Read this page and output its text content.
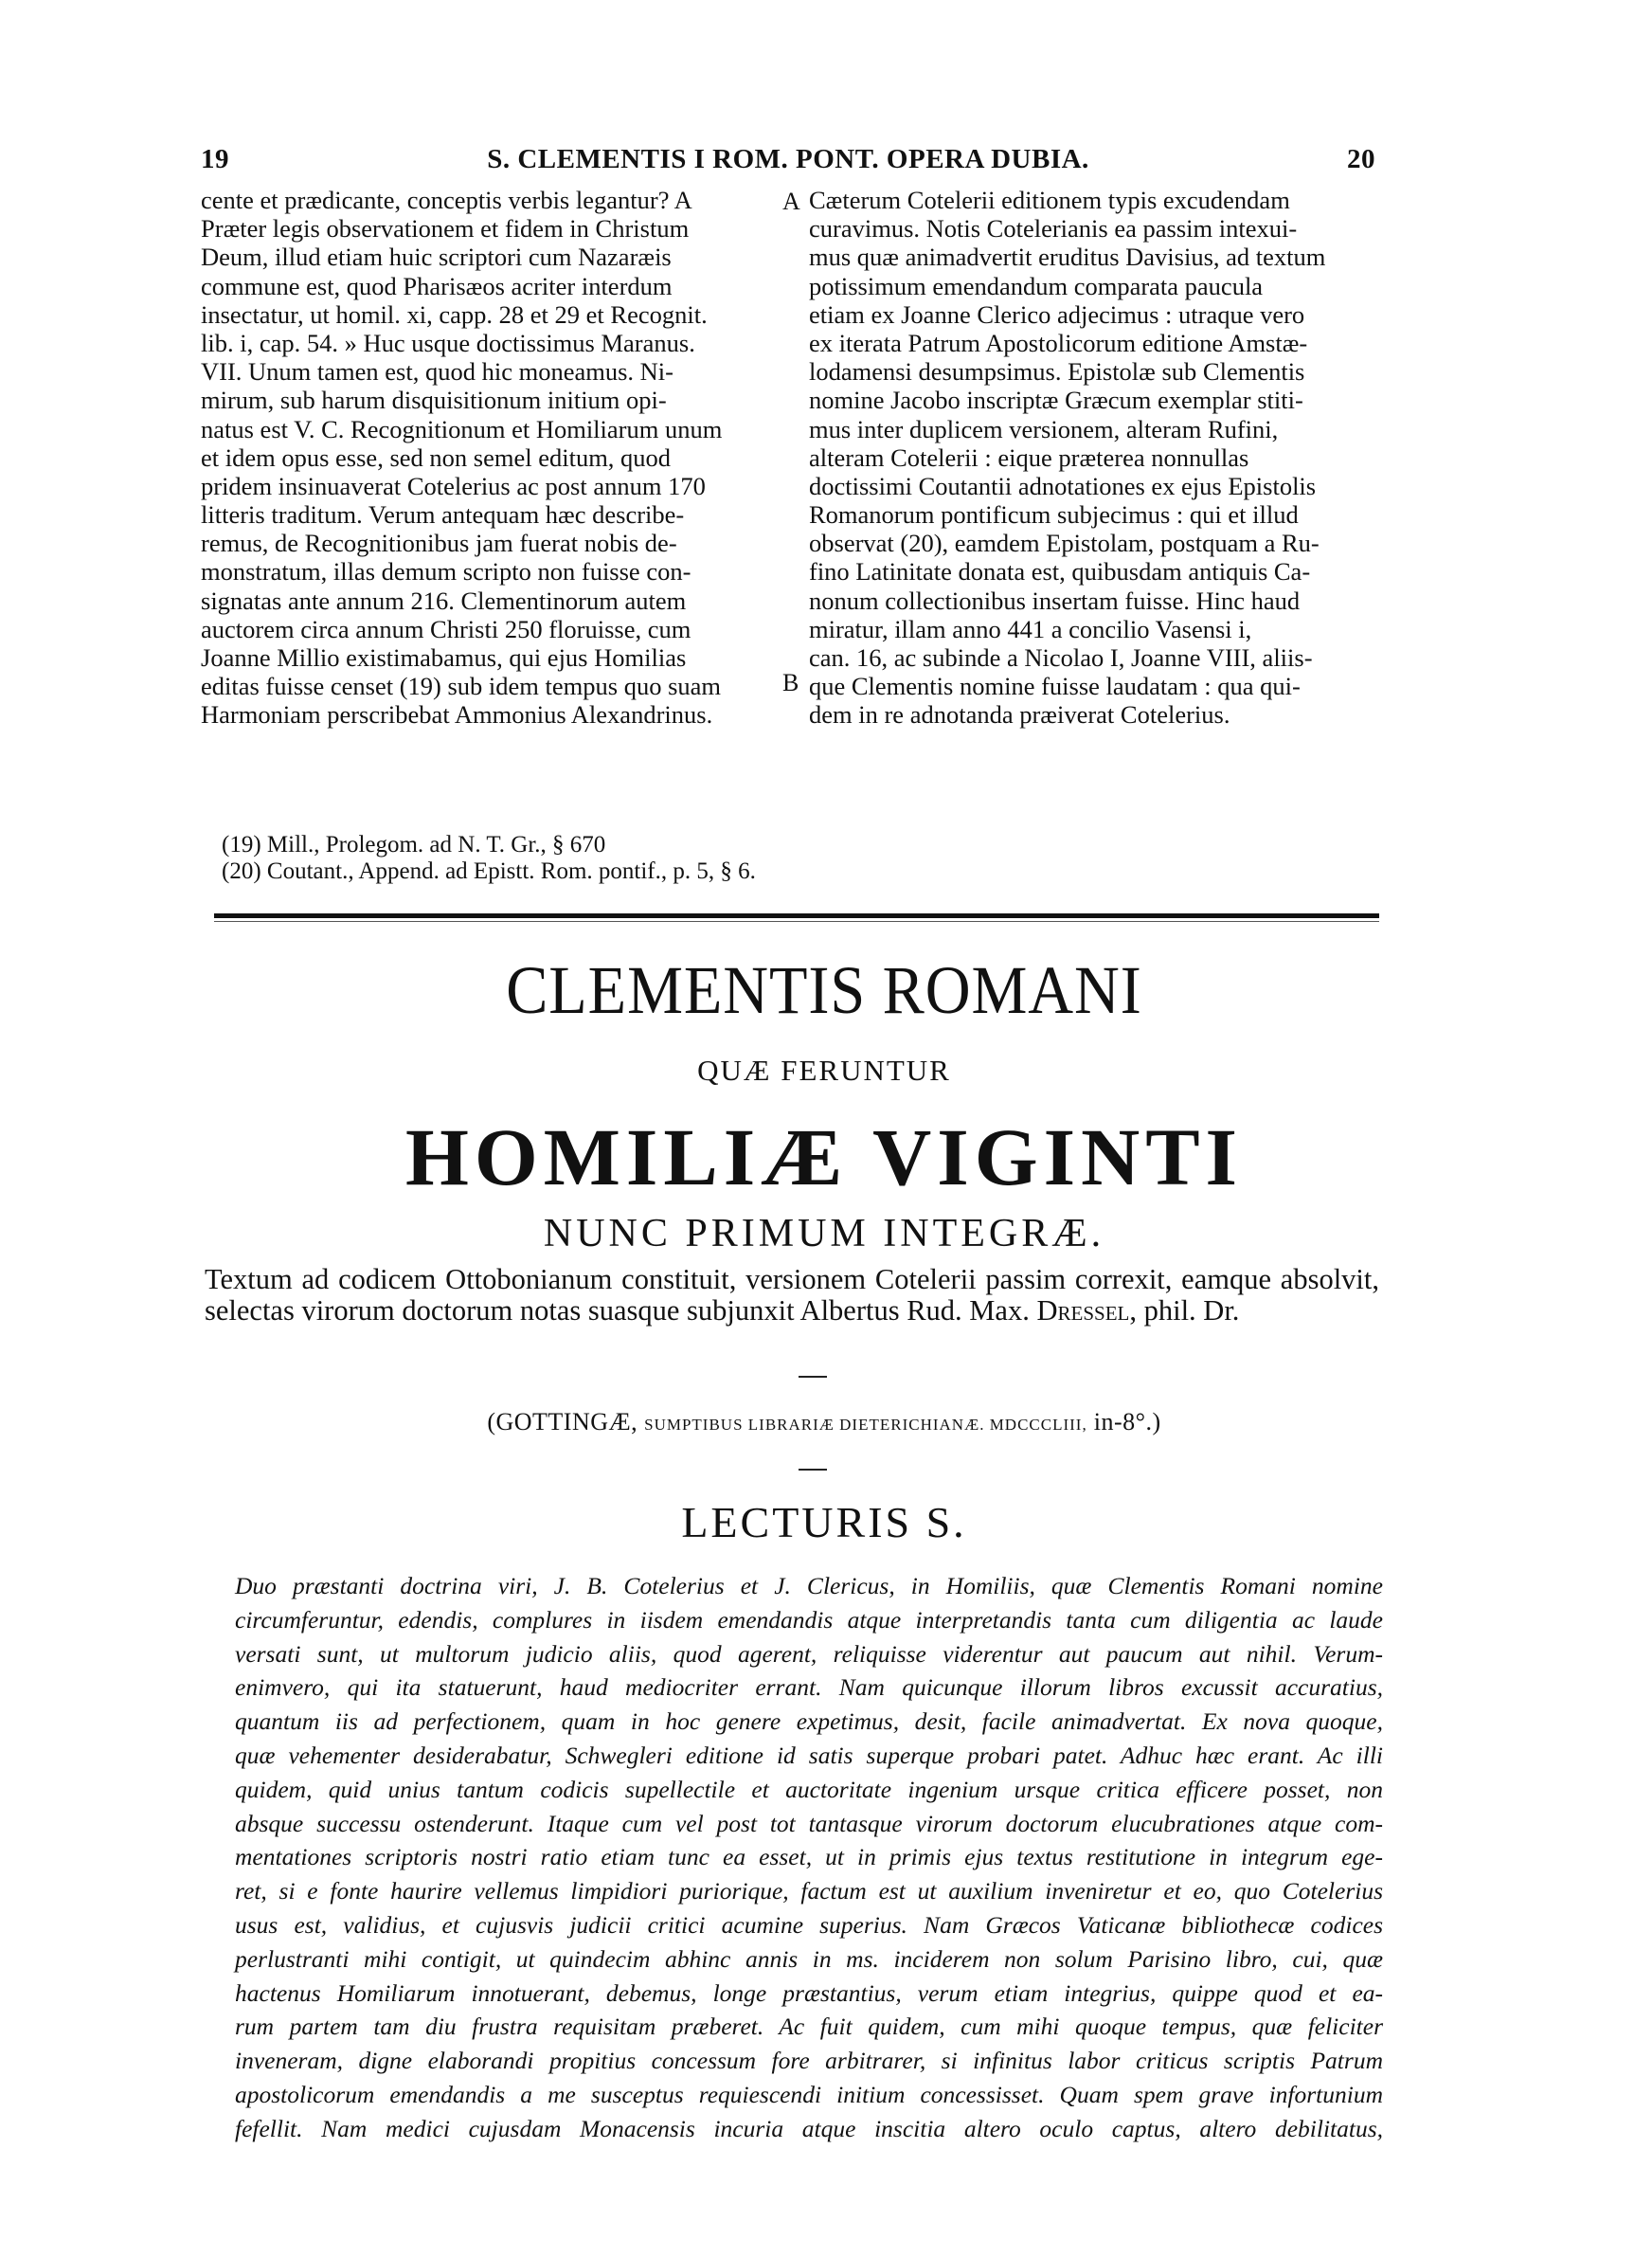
19	S. CLEMENTIS I ROM. PONT. OPERA DUBIA.	20
cente et prædicante, conceptis verbis legantur? A
Præter legis observationem et fidem in Christum
Deum, illud etiam huic scriptori cum Nazaræis
commune est, quod Pharisæos acriter interdum
insectatur, ut homil. xi, capp. 28 et 29 et Recognit.
lib. i, cap. 54. » Huc usque doctissimus Maranus.
VII. Unum tamen est, quod hic moneamus. Ni-
mirum, sub harum disquisitionum initium opi-
natus est V. C. Recognitionum et Homiliarum unum
et idem opus esse, sed non semel editum, quod
pridem insinuaverat Cotelerius ac post annum 170
litteris traditum. Verum antequam hæc describe-
remus, de Recognitionibus jam fuerat nobis de-
monstratum, illas demum scripto non fuisse con-
signatas ante annum 216. Clementinorum autem
auctorem circa annum Christi 250 floruisse, cum
Joanne Millio existimabamus, qui ejus Homilias
editas fuisse censet (19) sub idem tempus quo suam
Harmoniam perscribebat Ammonius Alexandrinus.
Cæterum Cotelerii editionem typis excudendam
curavimus. Notis Cotelerianis ea passim intexui-
mus quæ animadvertit eruditus Davisius, ad textum
potissimum emendandum comparata paucula
etiam ex Joanne Clerico adjecimus : utraque vero
ex iterata Patrum Apostolicorum editione Amstæ-
lodamensi desumpsimus. Epistolæ sub Clementis
nomine Jacobo inscriptæ Græcum exemplar stiti-
mus inter duplicem versionem, alteram Rufini,
alteram Cotelerii : eique præterea nonnullas
doctissimi Coutantii adnotationes ex ejus Epistolis
Romanorum pontificum subjecimus : qui et illud
observat (20), eamdem Epistolam, postquam a Ru-
fino Latinitate donata est, quibusdam antiquis Ca-
nonum collectionibus insertam fuisse. Hinc haud
miratur, illam anno 441 a concilio Vasensi i,
can. 16, ac subinde a Nicolao I, Joanne VIII, aliis-
que Clementis nomine fuisse laudatam : qua qui-
dem in re adnotanda præiverat Cotelerius.
A
B
(19) Mill., Prolegom. ad N. T. Gr., § 670
(20) Coutant., Append. ad Epistt. Rom. pontif., p. 5, § 6.
CLEMENTIS ROMANI
QUÆ FERUNTUR
HOMILIÆ VIGINTI
NUNC PRIMUM INTEGRÆ.
Textum ad codicem Ottobonianum constituit, versionem Cotelerii passim correxit, eamque absolvit, selectas virorum doctorum notas suasque subjunxit Albertus Rud. Max. Dressel, phil. Dr.
(GOTTINGÆ, SUMPTIBUS LIBRARIÆ DIETERICHIANÆ. MDCCCLIII, in-8°.)
LECTURIS S.
Duo præstanti doctrina viri, J. B. Cotelerius et J. Clericus, in Homiliis, quæ Clementis Romani nomine
circumferuntur, edendis, complures in iisdem emendandis atque interpretandis tanta cum diligentia ac laude
versati sunt, ut multorum judicio aliis, quod agerent, reliquisse viderentur aut paucum aut nihil. Verum-
enimvero, qui ita statuerunt, haud mediocriter errant. Nam quicunque illorum libros excussit accuratius,
quantum iis ad perfectionem, quam in hoc genere expetimus, desit, facile animadvertat. Ex nova quoque,
quæ vehementer desiderabatur, Schwegleri editione id satis superque probari patet. Adhuc hæc erant. Ac illi
quidem, quid unius tantum codicis supellectile et auctoritate ingenium ursque critica efficere posset, non
absque successu ostenderunt. Itaque cum vel post tot tantasque virorum doctorum elucubrationes atque com-
mentationes scriptoris nostri ratio etiam tunc ea esset, ut in primis ejus textus restitutione in integrum ege-
ret, si e fonte haurire vellemus limpidiori puriorique, factum est ut auxilium inveniretur et eo, quo Cotelerius
usus est, validius, et cujusvis judicii critici acumine superius. Nam Græcos Vaticanæ bibliothecæ codices
perlustranti mihi contigit, ut quindecim abhinc annis in ms. inciderem non solum Parisino libro, cui, quæ
hactenus Homiliarum innotuerant, debemus, longe præstantius, verum etiam integrius, quippe quod et ea-
rum partem tam diu frustra requisitam præberet. Ac fuit quidem, cum mihi quoque tempus, quæ feliciter
inveneram, digne elaborandi propitius concessum fore arbitrarer, si infinitus labor criticus scriptis Patrum
apostolicorum emendandis a me susceptus requiescendi initium concessisset. Quam spem grave infortunium
fefellit. Nam medici cujusdam Monacensis incuria atque inscitia altero oculo captus, altero debilitatus,
